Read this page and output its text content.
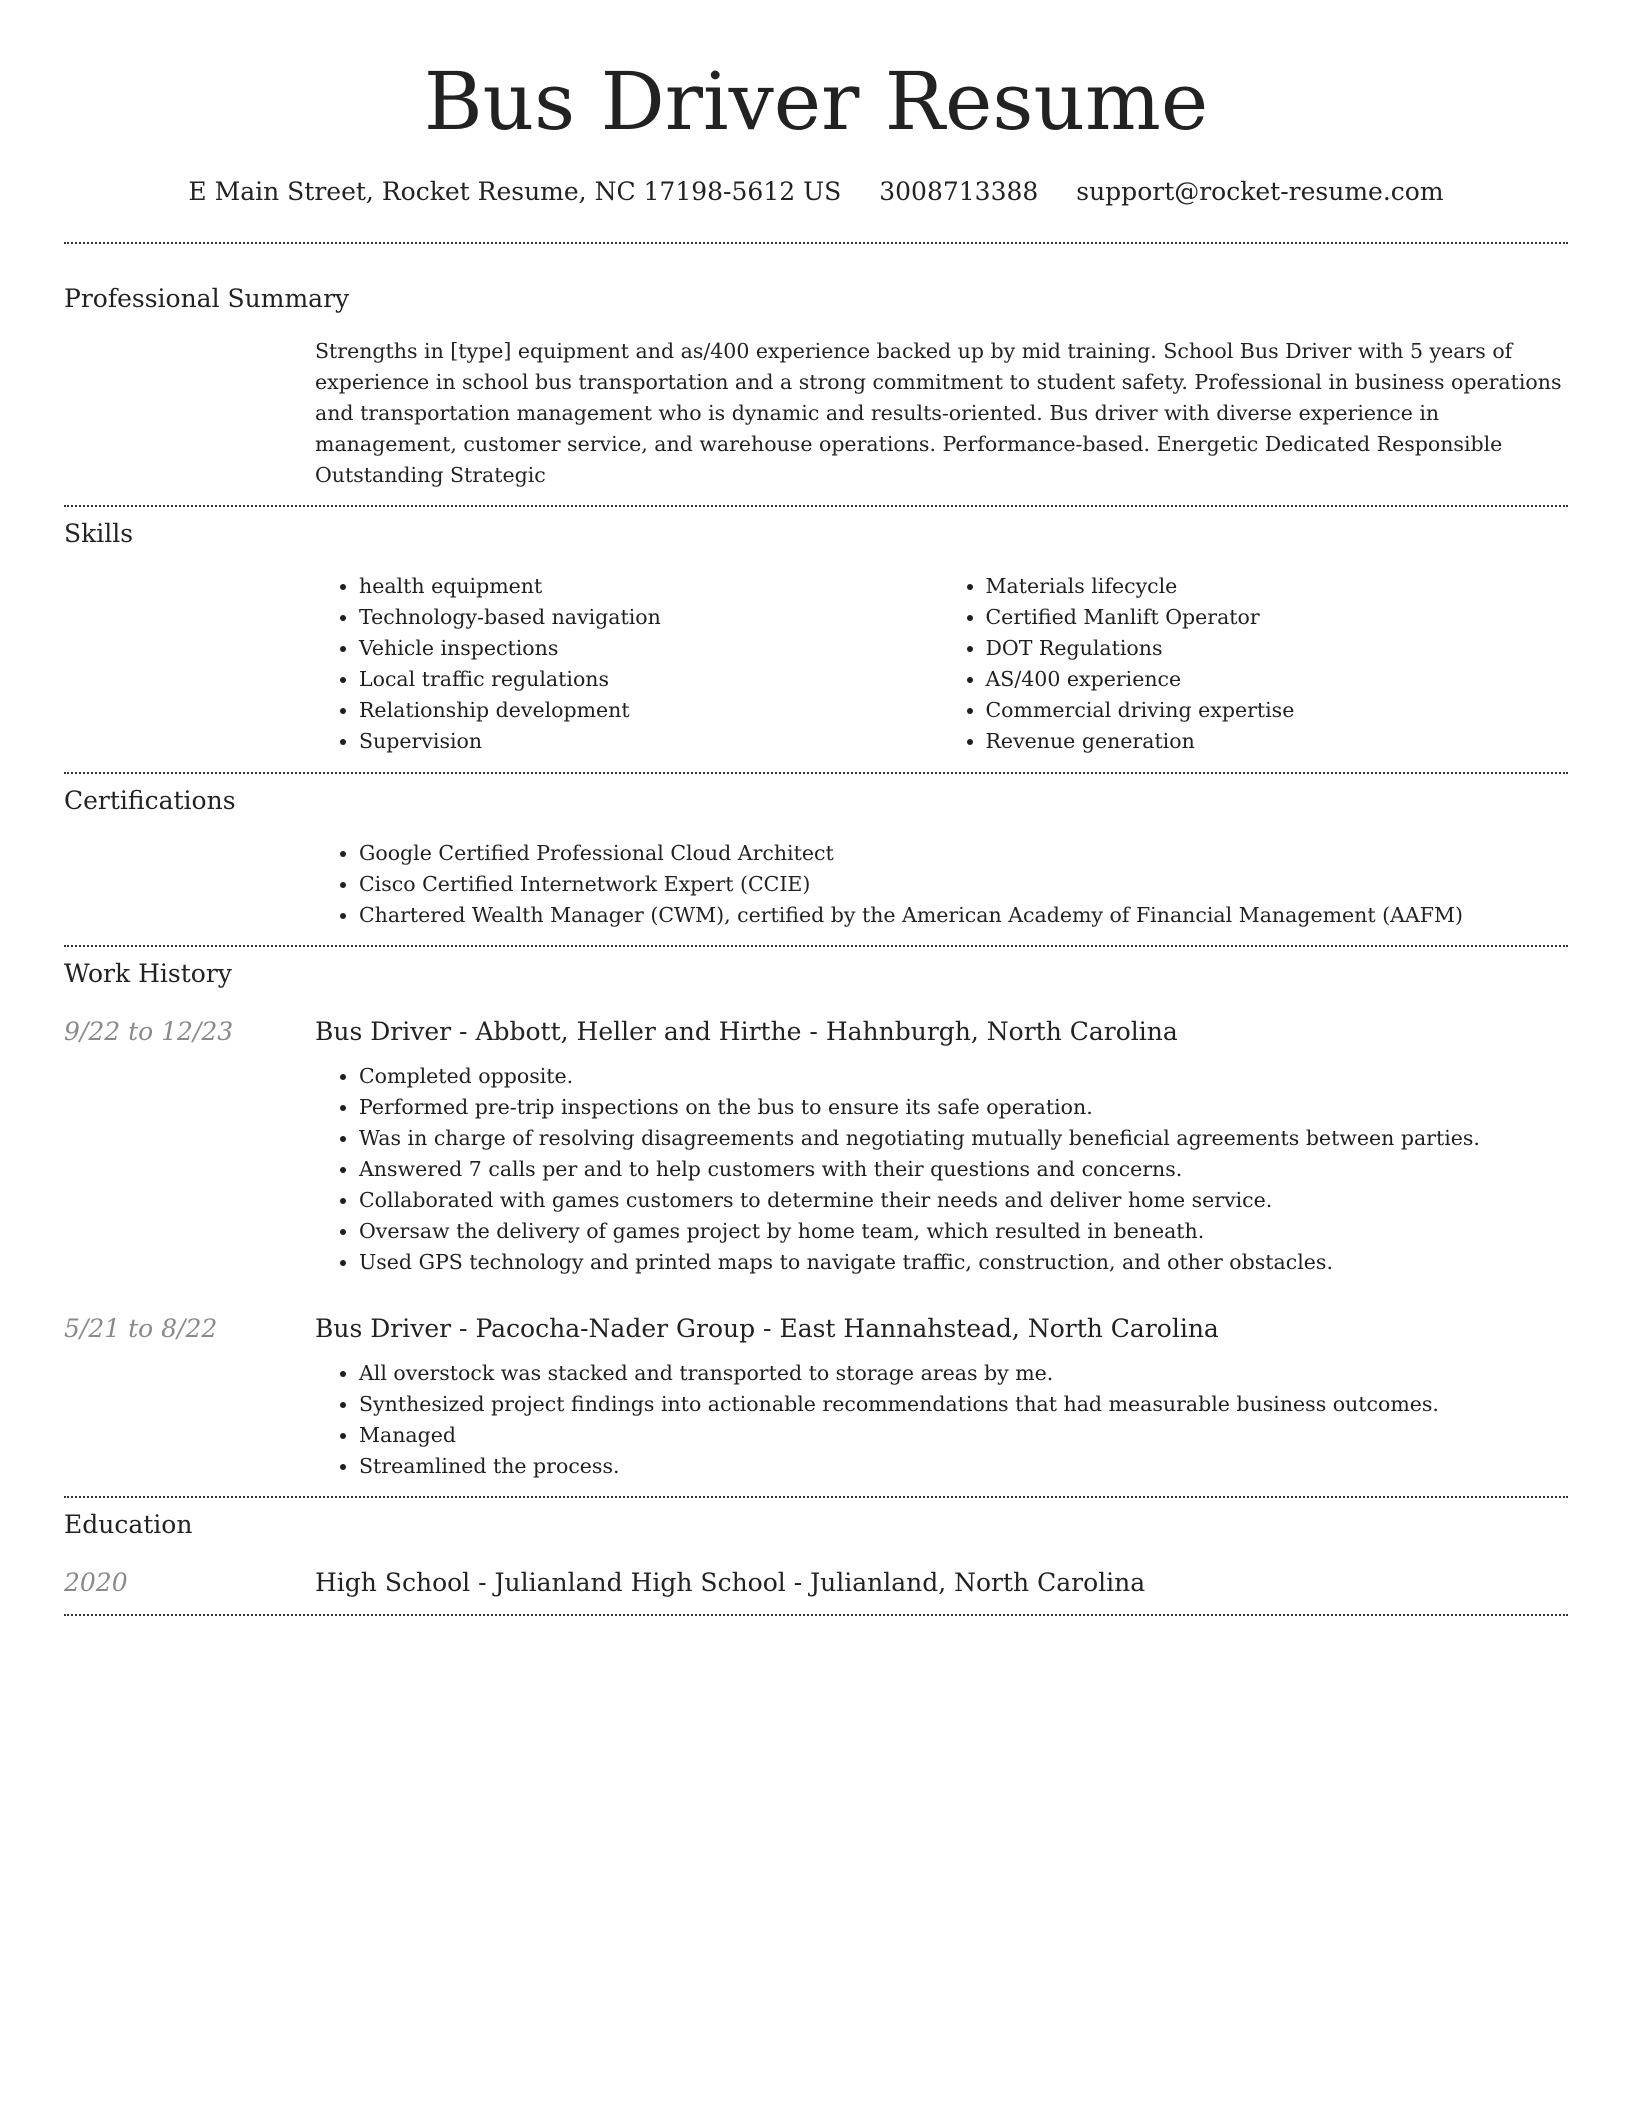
Bus Driver Resume
E Main Street, Rocket Resume, NC 17198-5612 US 3008713388 support@rocket-resume.com
Professional Summary

Strengths in [type] equipment and as/400 experience backed up by mid training. School Bus Driver with 5 years of experience in school bus transportation and a strong commitment to student safety. Professional in business operations and transportation management who is dynamic and results-oriented. Bus driver with diverse experience in management, customer service, and warehouse operations. Performance-based. Energetic Dedicated Responsible Outstanding Strategic

Skills
• health equipment
• Technology-based navigation
• Vehicle inspections
• Local traffic regulations
• Relationship development
• Supervision
• Materials lifecycle
• Certified Manlift Operator
• DOT Regulations
• AS/400 experience
• Commercial driving expertise
• Revenue generation
Certifications
• Google Certified Professional Cloud Architect
• Cisco Certified Internetwork Expert (CCIE)
• Chartered Wealth Manager (CWM), certified by the American Academy of Financial Management (AAFM)
Work History
9/22 to 12/23	Bus Driver - Abbott, Heller and Hirthe - Hahnburgh, North Carolina
• Completed opposite.
• Performed pre-trip inspections on the bus to ensure its safe operation.
• Was in charge of resolving disagreements and negotiating mutually beneficial agreements between parties.
• Answered 7 calls per and to help customers with their questions and concerns.
• Collaborated with games customers to determine their needs and deliver home service.
• Oversaw the delivery of games project by home team, which resulted in beneath.
• Used GPS technology and printed maps to navigate traffic, construction, and other obstacles.
5/21 to 8/22	Bus Driver - Pacocha-Nader Group - East Hannahstead, North Carolina
• All overstock was stacked and transported to storage areas by me.
• Synthesized project findings into actionable recommendations that had measurable business outcomes.
• Managed
• Streamlined the process.
Education
2020	High School - Julianland High School - Julianland, North Carolina
